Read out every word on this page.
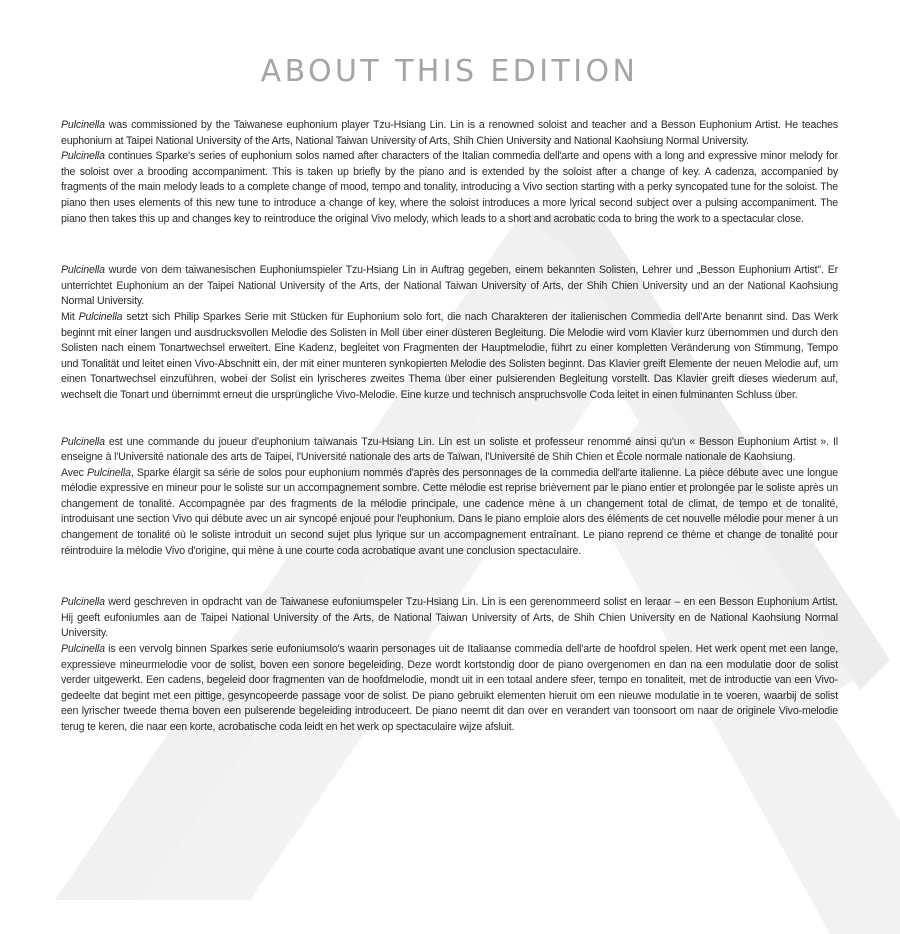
ABOUT THIS EDITION

Pulcinella was commissioned by the Taiwanese euphonium player Tzu-Hsiang Lin. Lin is a renowned soloist and teacher and a Besson Euphonium Artist. He teaches euphonium at Taipei National University of the Arts, National Taiwan University of Arts, Shih Chien University and National Kaohsiung Normal University.

Pulcinella continues Sparke's series of euphonium solos named after characters of the Italian commedia dell'arte and opens with a long and expressive minor melody for the soloist over a brooding accompaniment. This is taken up briefly by the piano and is extended by the soloist after a change of key. A cadenza, accompanied by fragments of the main melody leads to a complete change of mood, tempo and tonality, introducing a Vivo section starting with a perky syncopated tune for the soloist. The piano then uses elements of this new tune to introduce a change of key, where the soloist introduces a more lyrical second subject over a pulsing accompaniment. The piano then takes this up and changes key to reintroduce the original Vivo melody, which leads to a short and acrobatic coda to bring the work to a spectacular close.

Pulcinella wurde von dem taiwanesischen Euphoniumspieler Tzu-Hsiang Lin in Auftrag gegeben, einem bekannten Solisten, Lehrer und „Besson Euphonium Artist". Er unterrichtet Euphonium an der Taipei National University of the Arts, der National Taiwan University of Arts, der Shih Chien University und an der National Kaohsiung Normal University.

Mit Pulcinella setzt sich Philip Sparkes Serie mit Stücken für Euphonium solo fort, die nach Charakteren der italienischen Commedia dell'Arte benannt sind. Das Werk beginnt mit einer langen und ausdrucksvollen Melodie des Solisten in Moll über einer düsteren Begleitung. Die Melodie wird vom Klavier kurz übernommen und durch den Solisten nach einem Tonartwechsel erweitert. Eine Kadenz, begleitet von Fragmenten der Hauptmelodie, führt zu einer kompletten Veränderung von Stimmung, Tempo und Tonalität und leitet einen Vivo-Abschnitt ein, der mit einer munteren synkopierten Melodie des Solisten beginnt. Das Klavier greift Elemente der neuen Melodie auf, um einen Tonartwechsel einzuführen, wobei der Solist ein lyrischeres zweites Thema über einer pulsierenden Begleitung vorstellt. Das Klavier greift dieses wiederum auf, wechselt die Tonart und übernimmt erneut die ursprüngliche Vivo-Melodie. Eine kurze und technisch anspruchsvolle Coda leitet in einen fulminanten Schluss über.

Pulcinella est une commande du joueur d'euphonium taïwanais Tzu-Hsiang Lin. Lin est un soliste et professeur renommé ainsi qu'un « Besson Euphonium Artist ». Il enseigne à l'Université nationale des arts de Taipei, l'Université nationale des arts de Taïwan, l'Université de Shih Chien et École normale nationale de Kaohsiung.

Avec Pulcinella, Sparke élargit sa série de solos pour euphonium nommés d'après des personnages de la commedia dell'arte italienne. La pièce débute avec une longue mélodie expressive en mineur pour le soliste sur un accompagnement sombre. Cette mélodie est reprise brièvement par le piano entier et prolongée par le soliste après un changement de tonalité. Accompagnée par des fragments de la mélodie principale, une cadence mène à un changement total de climat, de tempo et de tonalité, introduisant une section Vivo qui débute avec un air syncopé enjoué pour l'euphonium. Dans le piano emploie alors des éléments de cet nouvelle mélodie pour mener à un changement de tonalité où le soliste introduit un second sujet plus lyrique sur un accompagnement entraînant. Le piano reprend ce thème et change de tonalité pour réintroduire la mélodie Vivo d'origine, qui mène à une courte coda acrobatique avant une conclusion spectaculaire.

Pulcinella werd geschreven in opdracht van de Taiwanese eufoniumspeler Tzu-Hsiang Lin. Lin is een gerenommeerd solist en leraar – en een Besson Euphonium Artist. Hij geeft eufoniumles aan de Taipei National University of the Arts, de National Taiwan University of Arts, de Shih Chien University en de National Kaohsiung Normal University.

Pulcinella is een vervolg binnen Sparkes serie eufoniumsolo's waarin personages uit de Italiaanse commedia dell'arte de hoofdrol spelen. Het werk opent met een lange, expressieve mineurmelodie voor de solist, boven een sonore begeleiding. Deze wordt kortstondig door de piano overgenomen en dan na een modulatie door de solist verder uitgewerkt. Een cadens, begeleid door fragmenten van de hoofdmelodie, mondt uit in een totaal andere sfeer, tempo en tonaliteit, met de introductie van een Vivo-gedeelte dat begint met een pittige, gesyncopeerde passage voor de solist. De piano gebruikt elementen hieruit om een nieuwe modulatie in te voeren, waarbij de solist een lyrischer tweede thema boven een pulserende begeleiding introduceert. De piano neemt dit dan over en verandert van toonsoort om naar de originele Vivo-melodie terug te keren, die naar een korte, acrobatische coda leidt en het werk op spectaculaire wijze afsluit.
